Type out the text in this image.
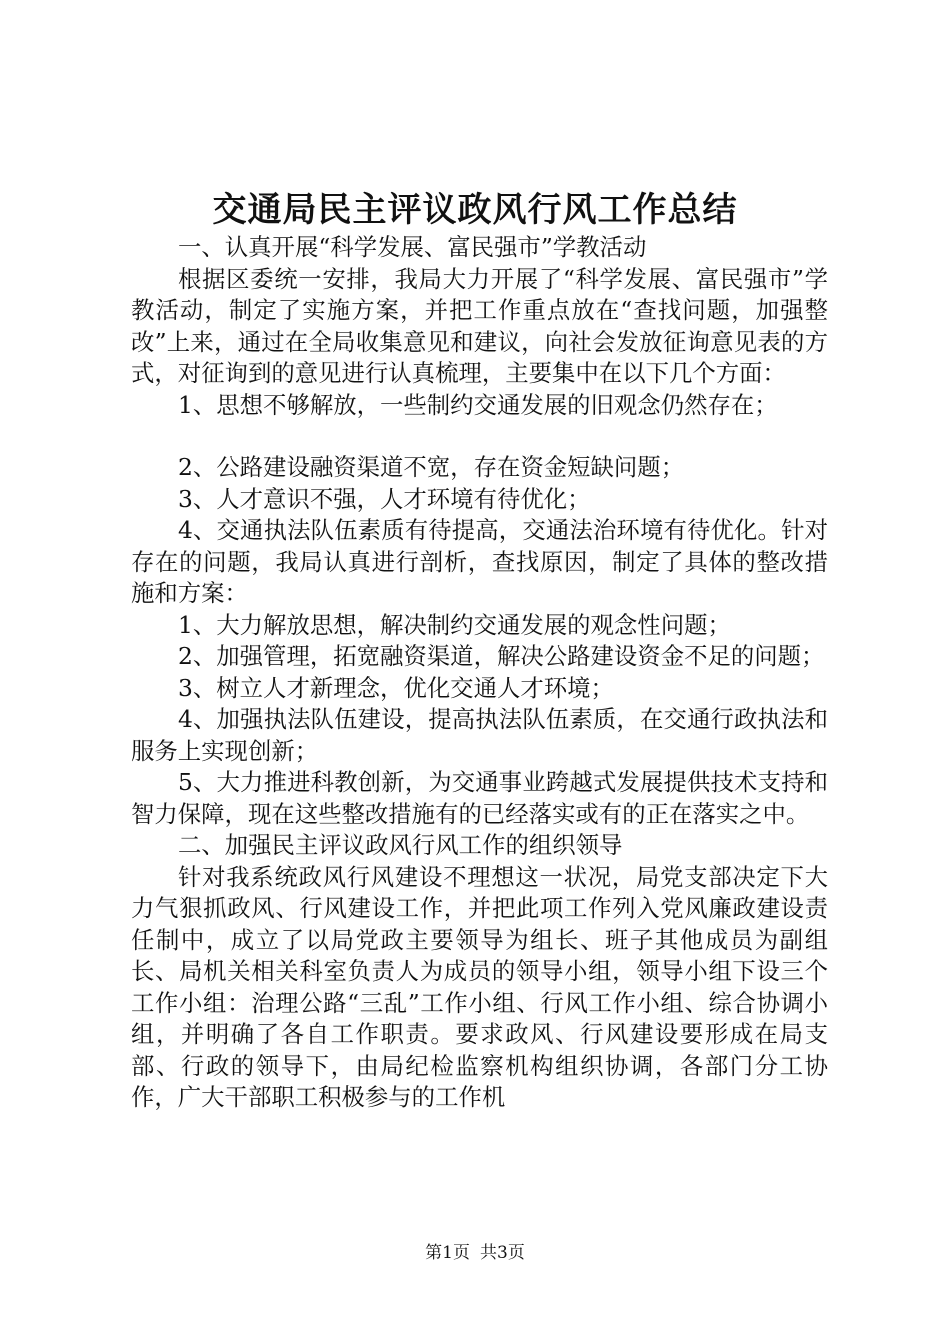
交通局民主评议政风行风工作总结

一、认真开展“科学发展、富民强市”学教活动

根据区委统一安排，我局大力开展了“科学发展、富民强市”学教活动，制定了实施方案，并把工作重点放在“查找问题，加强整改”上来，通过在全局收集意见和建议，向社会发放征询意见表的方式，对征询到的意见进行认真梳理，主要集中在以下几个方面：

1、思想不够解放，一些制约交通发展的旧观念仍然存在；

2、公路建设融资渠道不宽，存在资金短缺问题；

3、人才意识不强，人才环境有待优化；

4、交通执法队伍素质有待提高，交通法治环境有待优化。针对存在的问题，我局认真进行剖析，查找原因，制定了具体的整改措施和方案：

1、大力解放思想，解决制约交通发展的观念性问题；

2、加强管理，拓宽融资渠道，解决公路建设资金不足的问题；

3、树立人才新理念，优化交通人才环境；

4、加强执法队伍建设，提高执法队伍素质，在交通行政执法和服务上实现创新；

5、大力推进科教创新，为交通事业跨越式发展提供技术支持和智力保障，现在这些整改措施有的已经落实或有的正在落实之中。

二、加强民主评议政风行风工作的组织领导

针对我系统政风行风建设不理想这一状况，局党支部决定下大力气狠抓政风、行风建设工作，并把此项工作列入党风廉政建设责任制中，成立了以局党政主要领导为组长、班子其他成员为副组长、局机关相关科室负责人为成员的领导小组，领导小组下设三个工作小组：治理公路“三乱”工作小组、行风工作小组、综合协调小组，并明确了各自工作职责。要求政风、行风建设要形成在局支部、行政的领导下，由局纪检监察机构组织协调，各部门分工协作，广大干部职工积极参与的工作机

第1页 共3页
